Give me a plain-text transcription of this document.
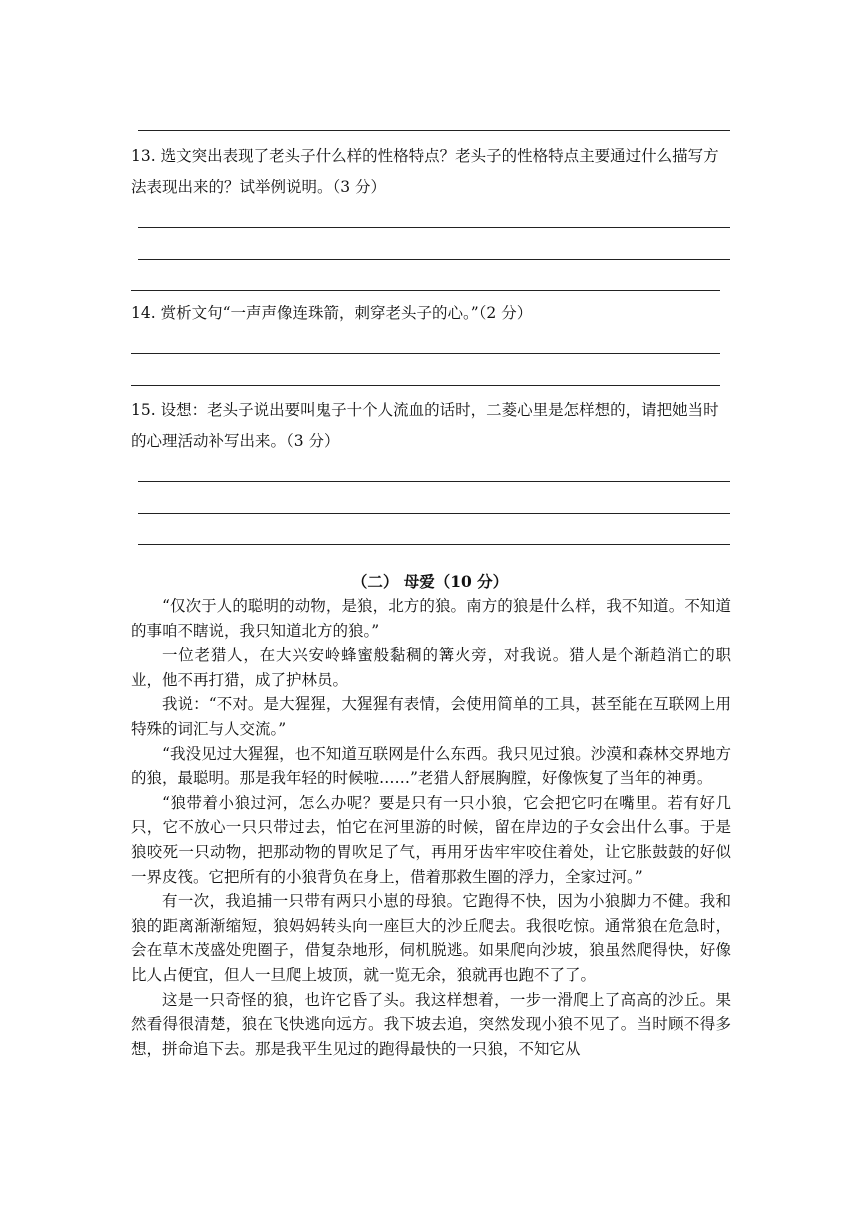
13. 选文突出表现了老头子什么样的性格特点？老头子的性格特点主要通过什么描写方法表现出来的？试举例说明。（3 分）

14. 赏析文句“一声声像连珠箭，刺穿老头子的心。”（2 分）

15. 设想：老头子说出要叫鬼子十个人流血的话时，二菱心里是怎样想的，请把她当时的心理活动补写出来。（3 分）

（二） 母爱（10 分）

“仅次于人的聪明的动物，是狼，北方的狼。南方的狼是什么样，我不知道。不知道的事咱不瞎说，我只知道北方的狼。”

一位老猎人，在大兴安岭蜂蜜般黏稠的篝火旁，对我说。猎人是个渐趋消亡的职业，他不再打猎，成了护林员。

我说：“不对。是大猩猩，大猩猩有表情，会使用简单的工具，甚至能在互联网上用特殊的词汇与人交流。”

“我没见过大猩猩，也不知道互联网是什么东西。我只见过狼。沙漠和森林交界地方的狼，最聪明。那是我年轻的时候啦……”老猎人舒展胸膛，好像恢复了当年的神勇。

“狼带着小狼过河，怎么办呢？要是只有一只小狼，它会把它叼在嘴里。若有好几只，它不放心一只只带过去，怕它在河里游的时候，留在岸边的子女会出什么事。于是狼咬死一只动物，把那动物的胃吹足了气，再用牙齿牢牢咬住着处，让它胀鼓鼓的好似一界皮筏。它把所有的小狼背负在身上，借着那救生圈的浮力，全家过河。”

有一次，我追捕一只带有两只小崽的母狼。它跑得不快，因为小狼脚力不健。我和狼的距离渐渐缩短，狼妈妈转头向一座巨大的沙丘爬去。我很吃惊。通常狼在危急时，会在草木茂盛处兜圈子，借复杂地形，伺机脱逃。如果爬向沙坡，狼虽然爬得快，好像比人占便宜，但人一旦爬上坡顶，就一览无余，狼就再也跑不了了。

这是一只奇怪的狼，也许它昏了头。我这样想着，一步一滑爬上了高高的沙丘。果然看得很清楚，狼在飞快逃向远方。我下坡去追，突然发现小狼不见了。当时顾不得多想，拼命追下去。那是我平生见过的跑得最快的一只狼，不知它从
